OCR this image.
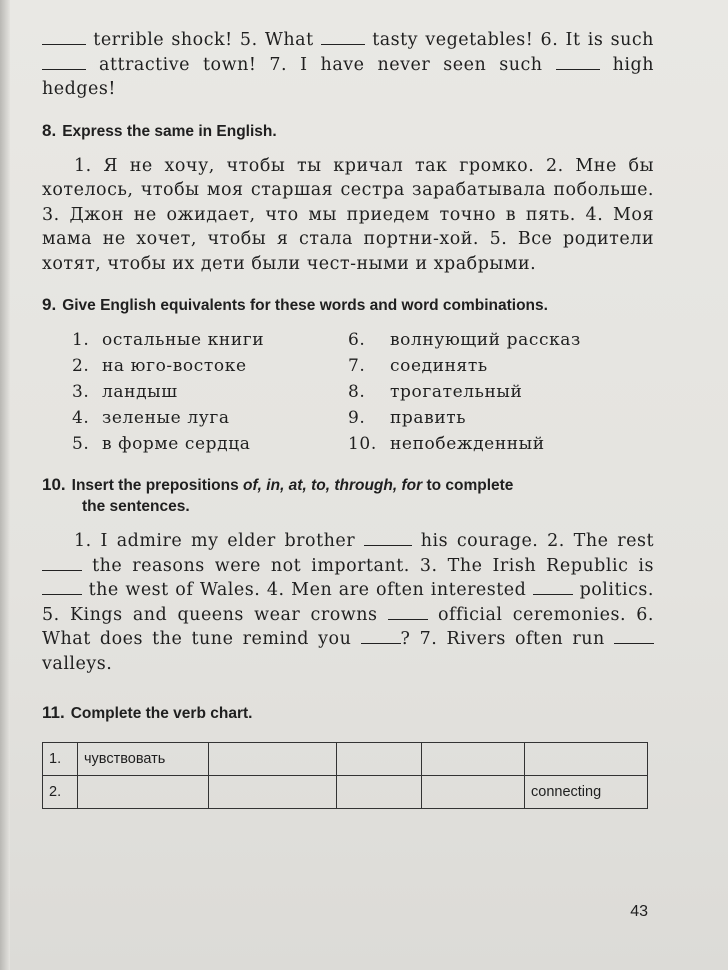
terrible shock! 5. What	tasty vegetables! 6. It is such  attractive town! 7. I have never seen such	high hedges!

8. Express the same in English.

1. Я не хочу, чтобы ты кричал так громко. 2. Мне бы хотелось, чтобы моя старшая сестра зарабатывала побольше. 3. Джон не ожидает, что мы приедем точно в пять. 4. Моя мама не хочет, чтобы я стала портни-хой. 5. Все родители хотят, чтобы их дети были чест-ными и храбрыми.

9. Give English equivalents for these words and word combinations.
1. остальные книги	6. волнующий рассказ
2. на юго-востоке	7. соединять
3. ландыш	8. трогательный
4. зеленые луга	9. править
5. в форме сердца	10. непобежденный
10. Insert the prepositions of, in, at, to, through, for to complete
the sentences.

1. I admire my elder brother	his courage. 2. The rest  the reasons were not important. 3. The Irish Republic is  the west of Wales. 4. Men are often interested	politics. 5. Kings and queens wear crowns	official ceremonies. 6. What does the tune remind you	? 7. Rivers often run  valleys.

11. Complete the verb chart.
1.	чувствовать				
2.					connecting
43
